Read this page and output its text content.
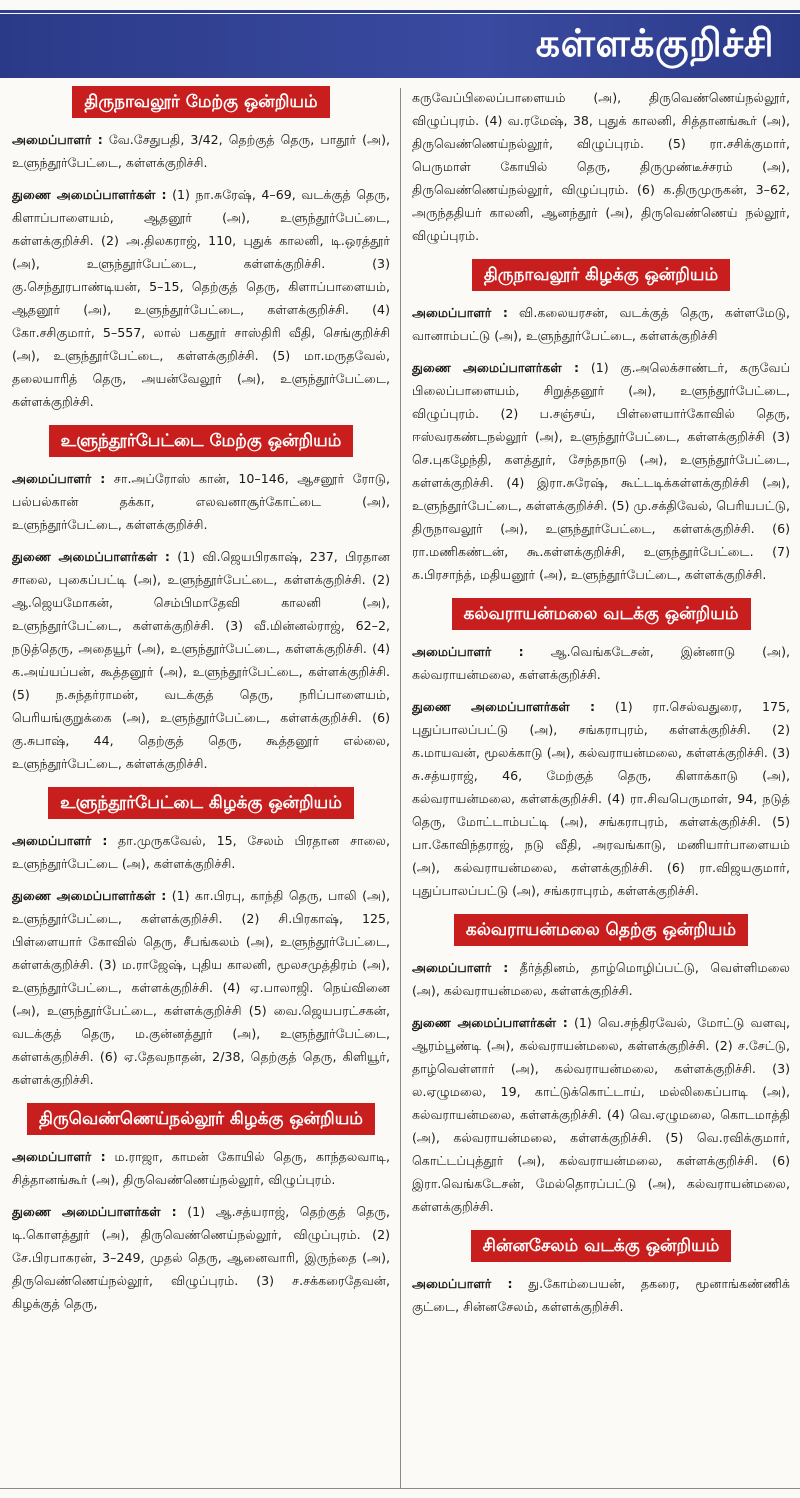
கள்ளக்குறிச்சி
திருநாவலூர் மேற்கு ஒன்றியம்

அமைப்பாளர் : வே.சேதுபதி, 3/42, தெற்குத் தெரு, பாதூர் (அ), உளுந்தூர்பேட்டை, கள்ளக்குறிச்சி.

துணை அமைப்பாளர்கள் : (1) நா.சுரேஷ், 4–69, வடக்குத் தெரு, கிளாப்பாளையம், ஆதனூர் (அ), உளுந்தூர்பேட்டை, கள்ளக்குறிச்சி. (2) அ.திலகராஜ், 110, புதுக் காலனி, டி.ஒரத்தூர் (அ), உளுந்தூர்பேட்டை, கள்ளக்குறிச்சி. (3) கு.செந்தூரபாண்டியன், 5–15, தெற்குத் தெரு, கிளாப்பாளையம், ஆதனூர் (அ), உளுந்தூர்பேட்டை, கள்ளக்குறிச்சி. (4) கோ.சசிகுமார், 5–557, லால் பகதூர் சாஸ்திரி வீதி, செங்குறிச்சி (அ), உளுந்தூர்பேட்டை, கள்ளக்குறிச்சி. (5) மா.மருதவேல், தலையாரித் தெரு, அயன்வேலூர் (அ), உளுந்தூர்பேட்டை, கள்ளக்குறிச்சி.

உளுந்தூர்பேட்டை மேற்கு ஒன்றியம்

அமைப்பாளர் : சா.அப்ரோஸ் கான், 10–146, ஆசனூர் ரோடு, பல்பல்கான் தக்கா, எலவனாசூர்கோட்டை (அ), உளுந்தூர்பேட்டை, கள்ளக்குறிச்சி.

துணை அமைப்பாளர்கள் : (1) வி.ஜெயபிரகாஷ், 237, பிரதான சாலை, புகைப்பட்டி (அ), உளுந்தூர்பேட்டை, கள்ளக்குறிச்சி. (2) ஆ.ஜெயமோகன், செம்பிமாதேவி காலனி (அ), உளுந்தூர்பேட்டை, கள்ளக்குறிச்சி. (3) வீ.மின்னல்ராஜ், 62–2, நடுத்தெரு, அதையூர் (அ), உளுந்தூர்பேட்டை, கள்ளக்குறிச்சி. (4) க.அய்யப்பன், கூத்தனூர் (அ), உளுந்தூர்பேட்டை, கள்ளக்குறிச்சி. (5) ந.சுந்தர்ராமன், வடக்குத் தெரு, நரிப்பாளையம், பெரியங்குறுக்கை (அ), உளுந்தூர்பேட்டை, கள்ளக்குறிச்சி. (6) கு.சுபாஷ், 44, தெற்குத் தெரு, கூத்தனூர் எல்லை, உளுந்தூர்பேட்டை, கள்ளக்குறிச்சி.

உளுந்தூர்பேட்டை கிழக்கு ஒன்றியம்

அமைப்பாளர் : தா.முருகவேல், 15, சேலம் பிரதான சாலை, உளுந்தூர்பேட்டை (அ), கள்ளக்குறிச்சி.

துணை அமைப்பாளர்கள் : (1) கா.பிரபு, காந்தி தெரு, பாலி (அ), உளுந்தூர்பேட்டை, கள்ளக்குறிச்சி. (2) சி.பிரகாஷ், 125, பிள்ளையார் கோவில் தெரு, சீபங்கலம் (அ), உளுந்தூர்பேட்டை, கள்ளக்குறிச்சி. (3) ம.ராஜேஷ், புதிய காலனி, மூலசமுத்திரம் (அ), உளுந்தூர்பேட்டை, கள்ளக்குறிச்சி. (4) ஏ.பாலாஜி. நெய்வினை (அ), உளுந்தூர்பேட்டை, கள்ளக்குறிச்சி (5) வை.ஜெயபரட்சகன், வடக்குத் தெரு, ம.குன்னத்தூர் (அ), உளுந்தூர்பேட்டை, கள்ளக்குறிச்சி. (6) ஏ.தேவநாதன், 2/38, தெற்குத் தெரு, கிளியூர், கள்ளக்குறிச்சி.

திருவெண்ணெய்நல்லூர் கிழக்கு ஒன்றியம்

அமைப்பாளர் : ம.ராஜா, காமன் கோயில் தெரு, காந்தலவாடி, சித்தானங்கூர் (அ), திருவெண்ணெய்நல்லூர், விழுப்புரம்.

துணை அமைப்பாளர்கள் : (1) ஆ.சத்யராஜ், தெற்குத் தெரு, டி.கொளத்தூர் (அ), திருவெண்ணெய்நல்லூர், விழுப்புரம். (2) சே.பிரபாகரன், 3–249, முதல் தெரு, ஆனைவாரி, இருந்தை (அ), திருவெண்ணெய்நல்லூர், விழுப்புரம். (3) ச.சக்கரைதேவன், கிழக்குத் தெரு,

கருவேப்பிலைப்பாளையம் (அ), திருவெண்ணெய்நல்லூர், விழுப்புரம். (4) வ.ரமேஷ், 38, புதுக் காலனி, சித்தானங்கூர் (அ), திருவெண்ணெய்நல்லூர், விழுப்புரம். (5) ரா.சசிக்குமார், பெருமாள் கோயில் தெரு, திருமுண்டீச்சரம் (அ), திருவெண்ணெய்நல்லூர், விழுப்புரம். (6) க.திருமுருகன், 3–62, அருந்ததியர் காலனி, ஆனந்தூர் (அ), திருவெண்ணெய் நல்லூர், விழுப்புரம்.

திருநாவலூர் கிழக்கு ஒன்றியம்

அமைப்பாளர் : வி.கலையரசன், வடக்குத் தெரு, கள்ளமேடு, வானாம்பட்டு (அ), உளுந்தூர்பேட்டை, கள்ளக்குறிச்சி

துணை அமைப்பாளர்கள் : (1) கு.அலெக்சாண்டர், கருவேப் பிலைப்பாளையம், சிறுத்தனூர் (அ), உளுந்தூர்பேட்டை, விழுப்புரம். (2) ப.சஞ்சய், பிள்ளையார்கோவில் தெரு, ஈஸ்வரகண்டநல்லூர் (அ), உளுந்தூர்பேட்டை, கள்ளக்குறிச்சி (3) செ.புகழேந்தி, களத்தூர், சேந்தநாடு (அ), உளுந்தூர்பேட்டை, கள்ளக்குறிச்சி. (4) இரா.சுரேஷ், கூட்டடிக்கள்ளக்குறிச்சி (அ), உளுந்தூர்பேட்டை, கள்ளக்குறிச்சி. (5) மு.சக்திவேல், பெரியபட்டு, திருநாவலூர் (அ), உளுந்தூர்பேட்டை, கள்ளக்குறிச்சி. (6) ரா.மணிகண்டன், கூ.கள்ளக்குறிச்சி, உளுந்தூர்பேட்டை. (7) க.பிரசாந்த், மதியனூர் (அ), உளுந்தூர்பேட்டை, கள்ளக்குறிச்சி.

கல்வராயன்மலை வடக்கு ஒன்றியம்

அமைப்பாளர் : ஆ.வெங்கடேசன், இன்னாடு (அ), கல்வராயன்மலை, கள்ளக்குறிச்சி.

துணை அமைப்பாளர்கள் : (1) ரா.செல்வதுரை, 175, புதுப்பாலப்பட்டு (அ), சங்கராபுரம், கள்ளக்குறிச்சி. (2) க.மாயவன், மூலக்காடு (அ), கல்வராயன்மலை, கள்ளக்குறிச்சி. (3) சு.சத்யராஜ், 46, மேற்குத் தெரு, கிளாக்காடு (அ), கல்வராயன்மலை, கள்ளக்குறிச்சி. (4) ரா.சிவபெருமாள், 94, நடுத் தெரு, மோட்டாம்பட்டி (அ), சங்கராபுரம், கள்ளக்குறிச்சி. (5) பா.கோவிந்தராஜ், நடு வீதி, அரவங்காடு, மணியார்பாளையம் (அ), கல்வராயன்மலை, கள்ளக்குறிச்சி. (6) ரா.விஜயகுமார், புதுப்பாலப்பட்டு (அ), சங்கராபுரம், கள்ளக்குறிச்சி.

கல்வராயன்மலை தெற்கு ஒன்றியம்

அமைப்பாளர் : தீர்த்தினம், தாழ்மொழிப்பட்டு, வெள்ளிமலை (அ), கல்வராயன்மலை, கள்ளக்குறிச்சி.

துணை அமைப்பாளர்கள் : (1) வெ.சந்திரவேல், மோட்டு வளவு, ஆரம்பூண்டி (அ), கல்வராயன்மலை, கள்ளக்குறிச்சி. (2) ச.சேட்டு, தாழ்வெள்ளார் (அ), கல்வராயன்மலை, கள்ளக்குறிச்சி. (3) ல.ஏழுமலை, 19, காட்டுக்கொட்டாய், மல்லிகைப்பாடி (அ), கல்வராயன்மலை, கள்ளக்குறிச்சி. (4) வெ.ஏழுமலை, கொடமாத்தி (அ), கல்வராயன்மலை, கள்ளக்குறிச்சி. (5) வெ.ரவிக்குமார், கொட்டப்புத்தூர் (அ), கல்வராயன்மலை, கள்ளக்குறிச்சி. (6) இரா.வெங்கடேசன், மேல்தொரப்பட்டு (அ), கல்வராயன்மலை, கள்ளக்குறிச்சி.

சின்னசேலம் வடக்கு ஒன்றியம்

அமைப்பாளர் : து.கோம்பையன், தகரை, மூனாங்கண்ணிக் குட்டை, சின்னசேலம், கள்ளக்குறிச்சி.
